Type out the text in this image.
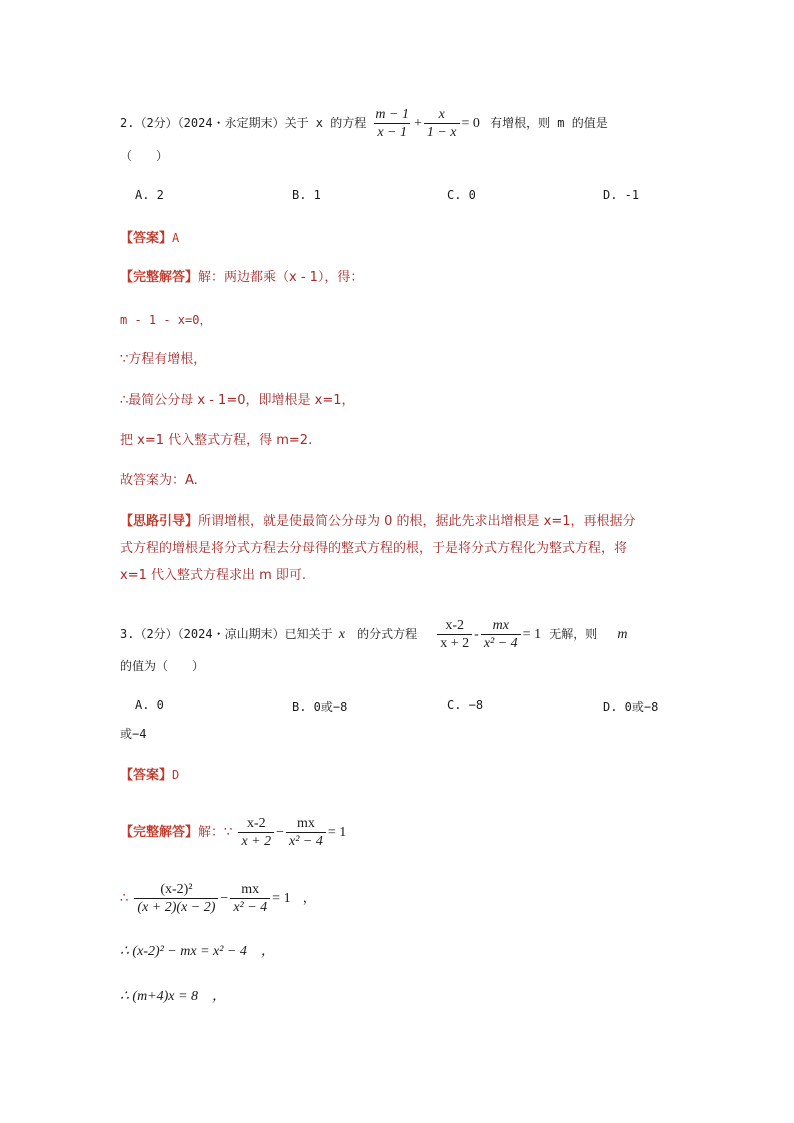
2.（2分）（2024・永定期末）关于 x 的方程 $\frac{m - 1}{x - 1} + \frac{x}{1 - x} = 0$ 有增根，则 m 的值是
（　　）
A. 2	B. 1	C. 0	D. -1
【答案】A
【完整解答】解：两边都乘（x - 1），得：
m - 1 - x=0，
∵方程有增根，
∴最简公分母 x - 1=0，即增根是 x=1，
把 x=1 代入整式方程，得 m=2.
故答案为：A.
【思路引导】所谓增根，就是使最简公分母为 0 的根，据此先求出增根是 x=1，再根据分
式方程的增根是将分式方程去分母得的整式方程的根，于是将分式方程化为整式方程，将
x=1 代入整式方程求出 m 即可.
3.（2分）（2024・凉山期末）已知关于 x 的分式方程 $\frac{x-2}{x + 2} - \frac{mx}{\text{x² − 4}} = 1$ 无解，则 m
的值为（　　）
A. 0	B. 0或−8	C. −8	D. 0或−8
或−4
【答案】D
【完整解答】解：∵ $\frac{x-2}{x + 2} - \frac{mx}{\text{x² − 4}} = 1$
∴ $\frac{\text{(x-2)²}}{(x + 2)(x - 2)} - \frac{mx}{\text{x² − 4}} = 1$ ，
∴ (x-2)² − mx = x² − 4　，
∴ (m+4)x = 8　，
